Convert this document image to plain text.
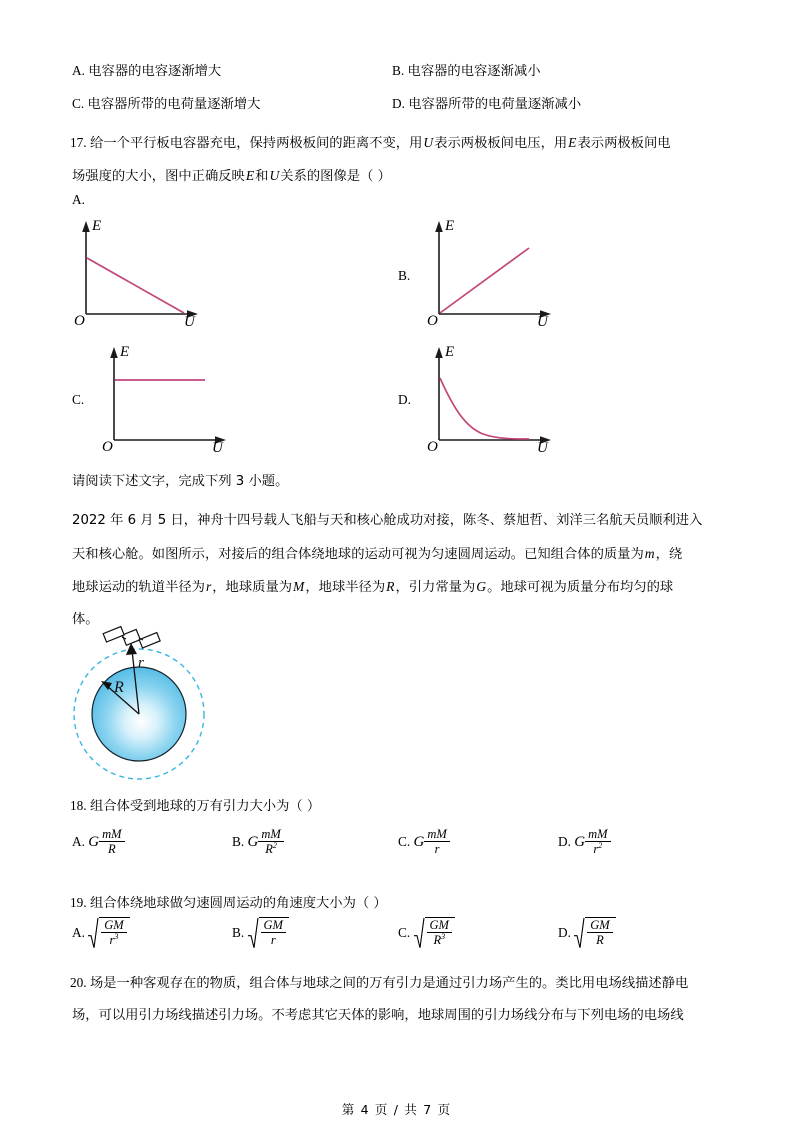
A. 电容器的电容逐渐增大	B. 电容器的电容逐渐减小
C. 电容器所带的电荷量逐渐增大	D. 电容器所带的电荷量逐渐减小
17. 给一个平行板电容器充电，保持两极板间的距离不变，用U表示两极板间电压，用E表示两极板间电
场强度的大小，图中正确反映E和U关系的图像是（ ）
A.
E
O	U
B.
E
O	U
C.
E
O	U
D.
E
O	U
请阅读下述文字，完成下列 3 小题。
2022 年 6 月 5 日，神舟十四号载人飞船与天和核心舱成功对接，陈冬、蔡旭哲、刘洋三名航天员顺利进入
天和核心舱。如图所示，对接后的组合体绕地球的运动可视为匀速圆周运动。已知组合体的质量为m，绕
地球运动的轨道半径为r，地球质量为M，地球半径为R，引力常量为G。地球可视为质量分布均匀的球
体。
R
r
18. 组合体受到地球的万有引力大小为（ ）
A. G $\frac{mM}{R}$	B. G $\frac{mM}{R^2}$	C. G $\frac{mM}{r}$	D. G $\frac{mM}{r^2}$
19. 组合体绕地球做匀速圆周运动的角速度大小为（ ）
A. $\frac{GM}{r^3}$	B. $\frac{GM}{r}$	C. $\frac{GM}{R^3}$	D. $\frac{GM}{R}$
20. 场是一种客观存在的物质，组合体与地球之间的万有引力是通过引力场产生的。类比用电场线描述静电
场，可以用引力场线描述引力场。不考虑其它天体的影响，地球周围的引力场线分布与下列电场的电场线
第 4 页 / 共 7 页
